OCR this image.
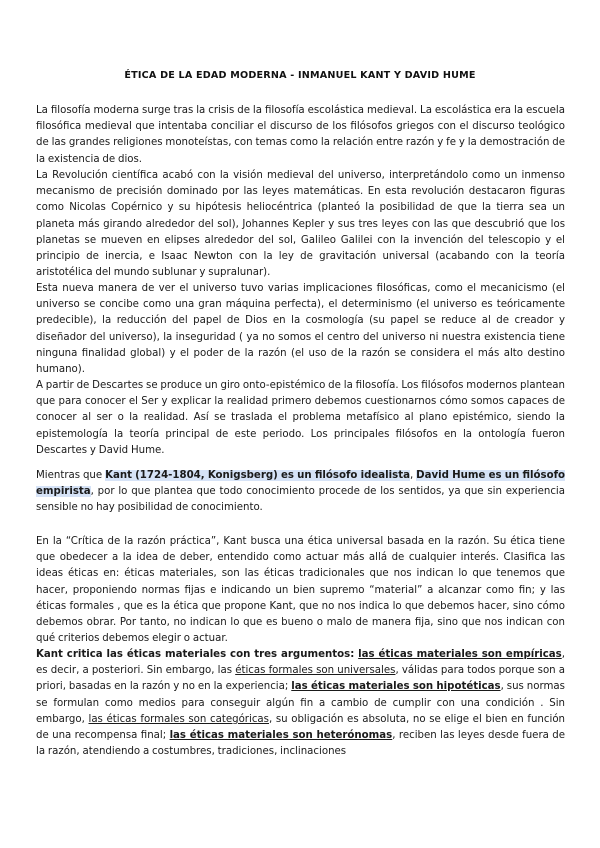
ÉTICA DE LA EDAD MODERNA - INMANUEL KANT Y DAVID HUME

La filosofía moderna surge tras la crisis de la filosofía escolástica medieval. La escolástica era la escuela filosófica medieval que intentaba conciliar el discurso de los filósofos griegos con el discurso teológico de las grandes religiones monoteístas, con temas como la relación entre razón y fe y la demostración de la existencia de dios.

La Revolución científica acabó con la visión medieval del universo, interpretándolo como un inmenso mecanismo de precisión dominado por las leyes matemáticas. En esta revolución destacaron figuras como Nicolas Copérnico y su hipótesis heliocéntrica (planteó la posibilidad de que la tierra sea un planeta más girando alrededor del sol), Johannes Kepler y sus tres leyes con las que descubrió que los planetas se mueven en elipses alrededor del sol, Galileo Galilei con la invención del telescopio y el principio de inercia, e Isaac Newton con la ley de gravitación universal (acabando con la teoría aristotélica del mundo sublunar y supralunar).

Esta nueva manera de ver el universo tuvo varias implicaciones filosóficas, como el mecanicismo (el universo se concibe como una gran máquina perfecta), el determinismo (el universo es teóricamente predecible), la reducción del papel de Dios en la cosmología (su papel se reduce al de creador y diseñador del universo), la inseguridad ( ya no somos el centro del universo ni nuestra existencia tiene ninguna finalidad global) y el poder de la razón (el uso de la razón se considera el más alto destino humano).

A partir de Descartes se produce un giro onto-epistémico de la filosofía. Los filósofos modernos plantean que para conocer el Ser y explicar la realidad primero debemos cuestionarnos cómo somos capaces de conocer al ser o la realidad. Así se traslada el problema metafísico al plano epistémico, siendo la epistemología la teoría principal de este periodo. Los principales filósofos en la ontología fueron Descartes y David Hume.

Mientras que Kant (1724-1804, Konigsberg) es un filósofo idealista, David Hume es un filósofo empirista, por lo que plantea que todo conocimiento procede de los sentidos, ya que sin experiencia sensible no hay posibilidad de conocimiento.

En la “Crítica de la razón práctica”, Kant busca una ética universal basada en la razón. Su ética tiene que obedecer a la idea de deber, entendido como actuar más allá de cualquier interés. Clasifica las ideas éticas en: éticas materiales, son las éticas tradicionales que nos indican lo que tenemos que hacer, proponiendo normas fijas e indicando un bien supremo “material” a alcanzar como fin; y las éticas formales , que es la ética que propone Kant, que no nos indica lo que debemos hacer, sino cómo debemos obrar. Por tanto, no indican lo que es bueno o malo de manera fija, sino que nos indican con qué criterios debemos elegir o actuar.

Kant critica las éticas materiales con tres argumentos: las éticas materiales son empíricas, es decir, a posteriori. Sin embargo, las éticas formales son universales, válidas para todos porque son a priori, basadas en la razón y no en la experiencia; las éticas materiales son hipotéticas, sus normas se formulan como medios para conseguir algún fin a cambio de cumplir con una condición . Sin embargo, las éticas formales son categóricas, su obligación es absoluta, no se elige el bien en función de una recompensa final; las éticas materiales son heterónomas, reciben las leyes desde fuera de la razón, atendiendo a costumbres, tradiciones, inclinaciones
